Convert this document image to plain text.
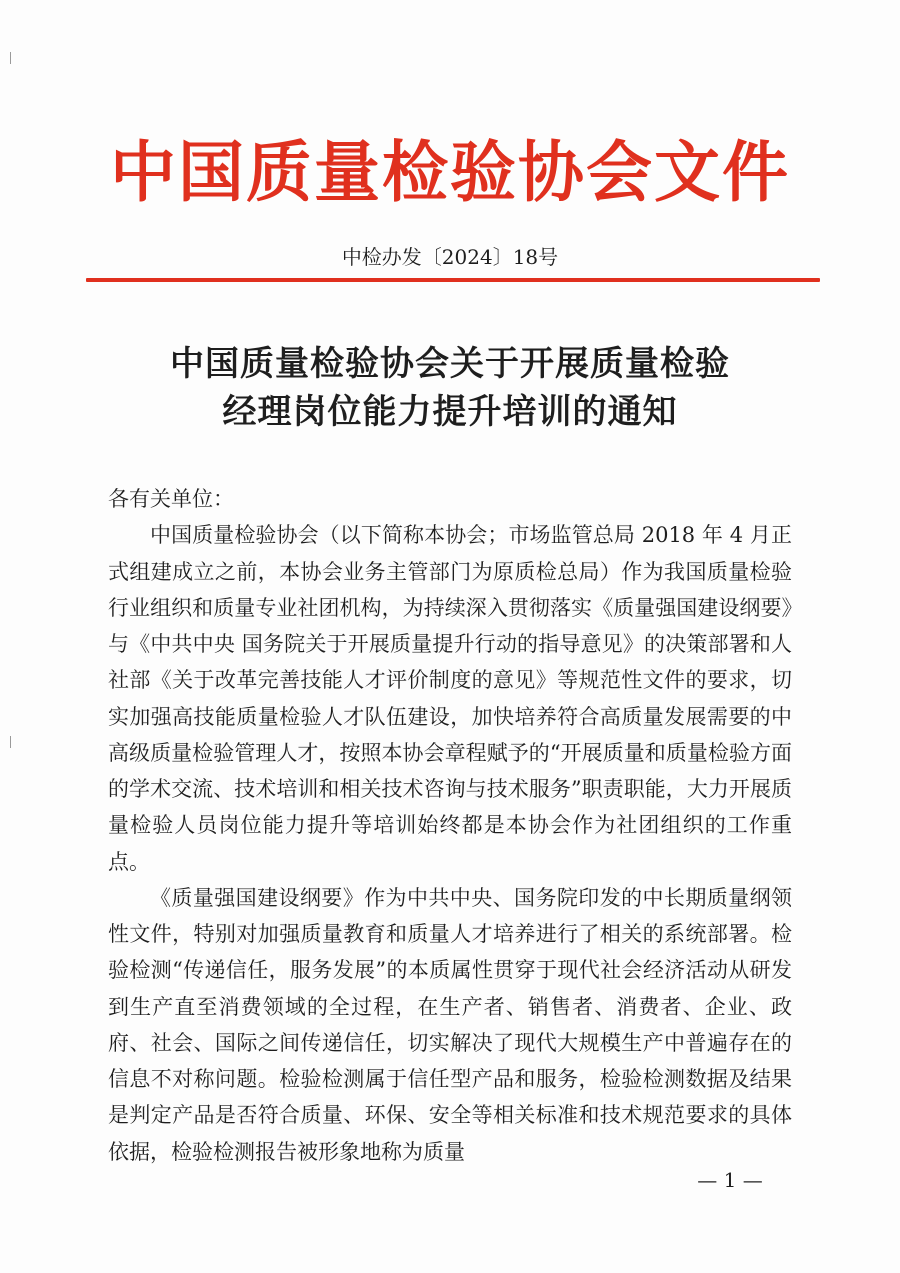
中国质量检验协会文件
中检办发〔2024〕18号
中国质量检验协会关于开展质量检验
经理岗位能力提升培训的通知

各有关单位：

中国质量检验协会（以下简称本协会；市场监管总局 2018 年 4 月正式组建成立之前，本协会业务主管部门为原质检总局）作为我国质量检验行业组织和质量专业社团机构，为持续深入贯彻落实《质量强国建设纲要》与《中共中央 国务院关于开展质量提升行动的指导意见》的决策部署和人社部《关于改革完善技能人才评价制度的意见》等规范性文件的要求，切实加强高技能质量检验人才队伍建设，加快培养符合高质量发展需要的中高级质量检验管理人才，按照本协会章程赋予的“开展质量和质量检验方面的学术交流、技术培训和相关技术咨询与技术服务”职责职能，大力开展质量检验人员岗位能力提升等培训始终都是本协会作为社团组织的工作重点。

《质量强国建设纲要》作为中共中央、国务院印发的中长期质量纲领性文件，特别对加强质量教育和质量人才培养进行了相关的系统部署。检验检测“传递信任，服务发展”的本质属性贯穿于现代社会经济活动从研发到生产直至消费领域的全过程，在生产者、销售者、消费者、企业、政府、社会、国际之间传递信任，切实解决了现代大规模生产中普遍存在的信息不对称问题。检验检测属于信任型产品和服务，检验检测数据及结果是判定产品是否符合质量、环保、安全等相关标准和技术规范要求的具体依据，检验检测报告被形象地称为质量

— 1 —
